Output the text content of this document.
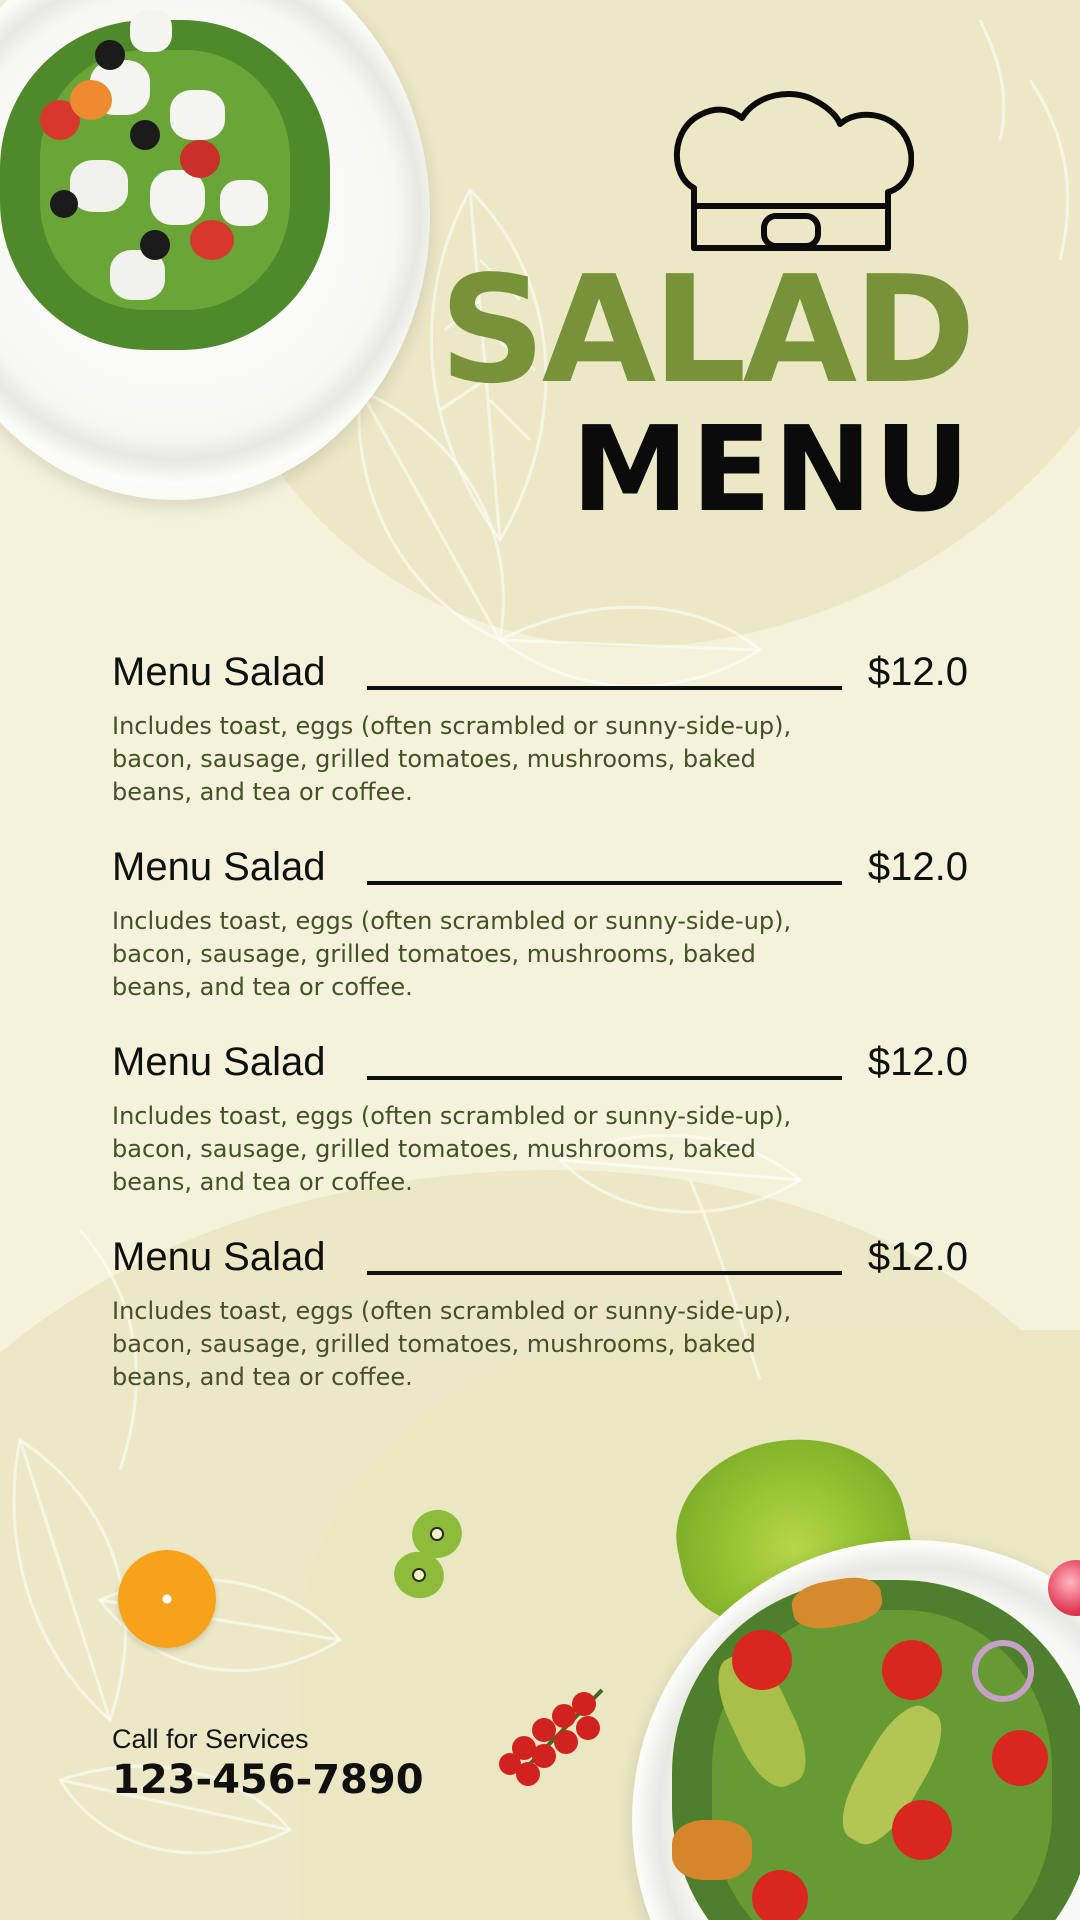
SALAD
MENU
Menu Salad	$12.0
Includes toast, eggs (often scrambled or sunny-side-up),
bacon, sausage, grilled tomatoes, mushrooms, baked
beans, and tea or coffee.
Menu Salad	$12.0
Includes toast, eggs (often scrambled or sunny-side-up),
bacon, sausage, grilled tomatoes, mushrooms, baked
beans, and tea or coffee.
Menu Salad	$12.0
Includes toast, eggs (often scrambled or sunny-side-up),
bacon, sausage, grilled tomatoes, mushrooms, baked
beans, and tea or coffee.
Menu Salad	$12.0
Includes toast, eggs (often scrambled or sunny-side-up),
bacon, sausage, grilled tomatoes, mushrooms, baked
beans, and tea or coffee.
Call for Services
123-456-7890
